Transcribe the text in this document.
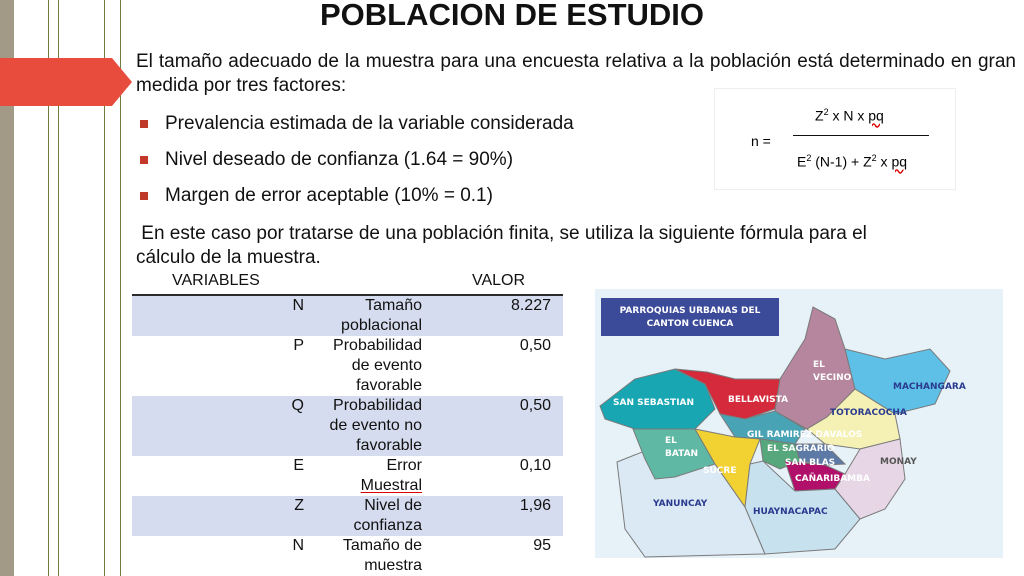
POBLACION DE ESTUDIO

El tamaño adecuado de la muestra para una encuesta relativa a la población está determinado en gran medida por tres factores:

Prevalencia estimada de la variable considerada
Nivel deseado de confianza (1.64 = 90%)
Margen de error aceptable (10% = 0.1)
n =
$Z^2$ x N x pq
$E^2$ $(N-1) + Z^2$ x pq

En este caso por tratarse de una población finita, se utiliza la siguiente fórmula para el
cálculo de la muestra.

VARIABLES		VALOR
N	Tamaño
poblacional	8.227
P	Probabilidad
de evento
favorable	0,50
Q	Probabilidad
de evento no
favorable	0,50
E	Error
Muestral	0,10
Z	Nivel de
confianza	1,96
N	Tamaño de
muestra	95
PARROQUIAS URBANAS DEL
CANTON CUENCA
EL
VECINO
MACHANGARA
SAN SEBASTIAN	BELLAVISTA
TOTORACOCHA
GIL RAMIREZ DAVALOS
EL SAGRARIO
EL
BATAN
SAN BLAS	MONAY
SUCRE
CAÑARIBAMBA
YANUNCAY
HUAYNACAPAC
